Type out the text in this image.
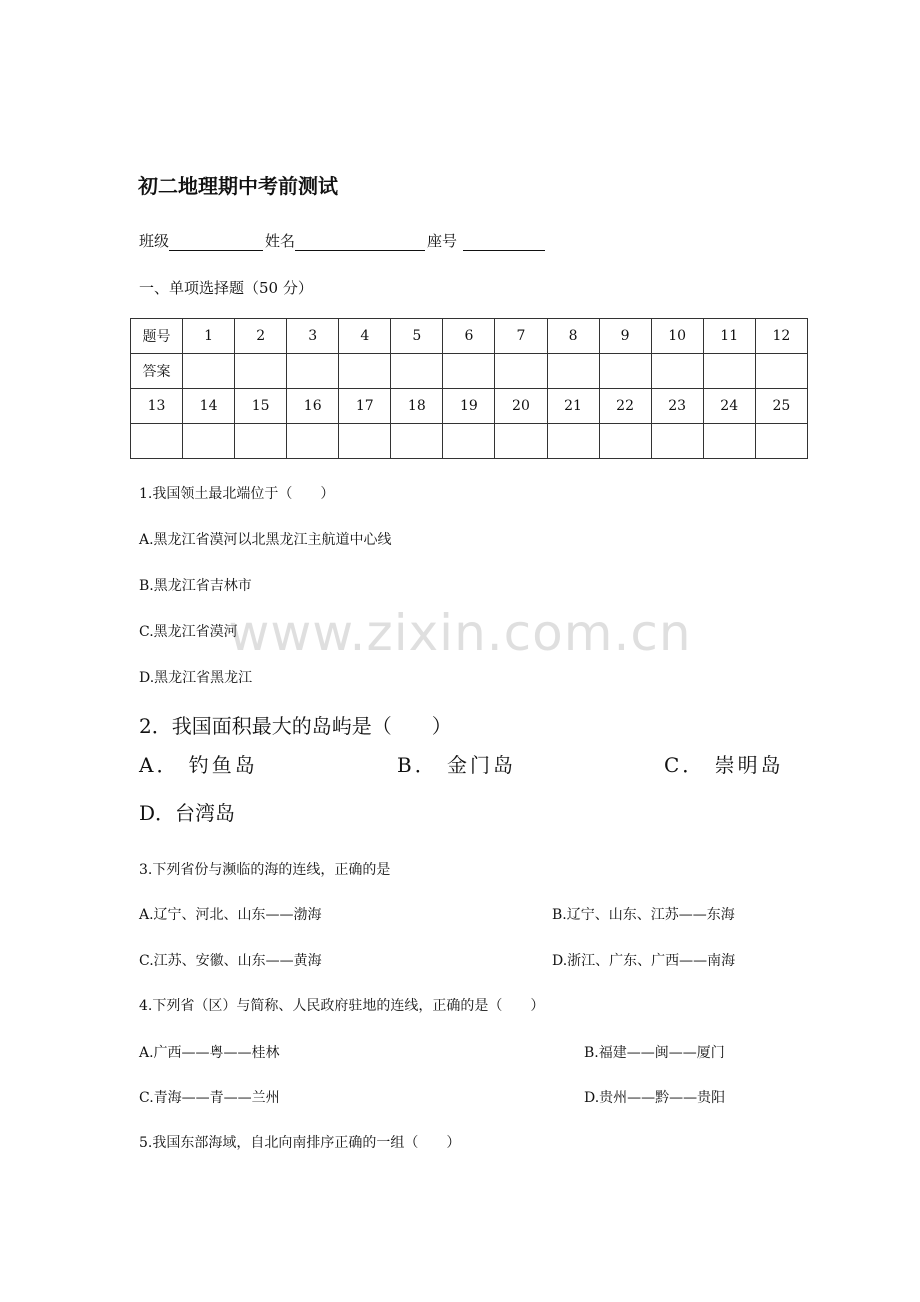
初二地理期中考前测试
班级	姓名	座号
一、单项选择题（50 分）
题号	1	2	3	4	5	6	7	8	9	10	11	12
答案												
13	14	15	16	17	18	19	20	21	22	23	24	25

1.我国领土最北端位于（　　）
A.黑龙江省漠河以北黑龙江主航道中心线
B.黑龙江省吉林市
C.黑龙江省漠河
D.黑龙江省黑龙江
2．我国面积最大的岛屿是（　　）
A． 钓鱼岛	B． 金门岛	C． 崇明岛
D．台湾岛
3.下列省份与濒临的海的连线，正确的是
A.辽宁、河北、山东——渤海	B.辽宁、山东、江苏——东海
C.江苏、安徽、山东——黄海	D.浙江、广东、广西——南海
4.下列省（区）与简称、人民政府驻地的连线，正确的是（　　）
A.广西——粤——桂林	B.福建——闽——厦门
C.青海——青——兰州	D.贵州——黔——贵阳
5.我国东部海域，自北向南排序正确的一组（　　）
www.zixin.com.cn
